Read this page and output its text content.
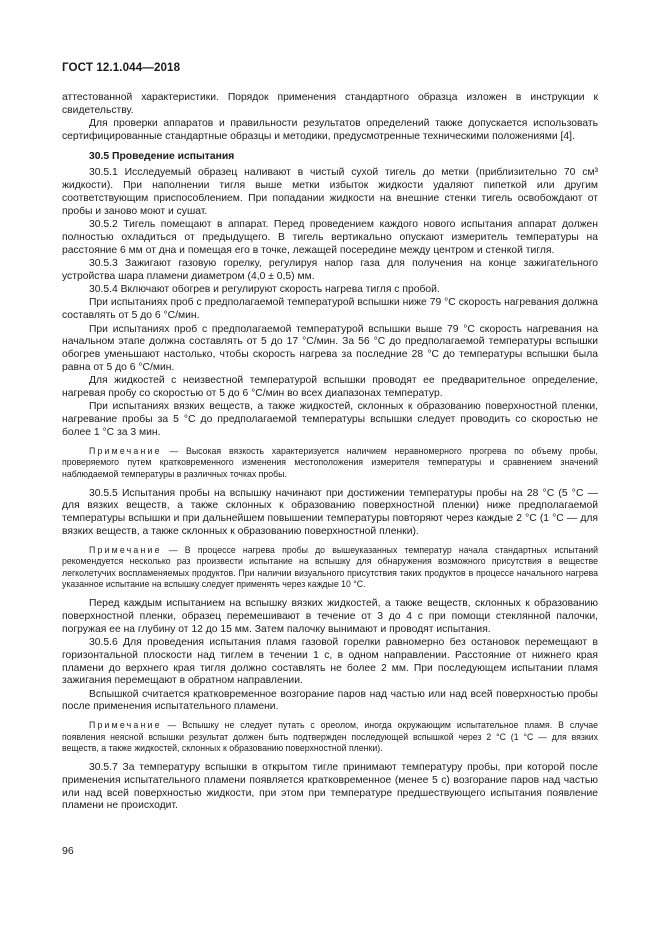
ГОСТ 12.1.044—2018

аттестованной характеристики. Порядок применения стандартного образца изложен в инструкции к свидетельству.

Для проверки аппаратов и правильности результатов определений также допускается использовать сертифицированные стандартные образцы и методики, предусмотренные техническими положениями [4].

30.5 Проведение испытания

30.5.1 Исследуемый образец наливают в чистый сухой тигель до метки (приблизительно 70 см³ жидкости). При наполнении тигля выше метки избыток жидкости удаляют пипеткой или другим соответствующим приспособлением. При попадании жидкости на внешние стенки тигель освобождают от пробы и заново моют и сушат.

30.5.2 Тигель помещают в аппарат. Перед проведением каждого нового испытания аппарат должен полностью охладиться от предыдущего. В тигель вертикально опускают измеритель температуры на расстояние 6 мм от дна и помещая его в точке, лежащей посередине между центром и стенкой тигля.

30.5.3 Зажигают газовую горелку, регулируя напор газа для получения на конце зажигательного устройства шара пламени диаметром (4,0 ± 0,5) мм.

30.5.4 Включают обогрев и регулируют скорость нагрева тигля с пробой.

При испытаниях проб с предполагаемой температурой вспышки ниже 79 °С скорость нагревания должна составлять от 5 до 6 °С/мин.

При испытаниях проб с предполагаемой температурой вспышки выше 79 °С скорость нагревания на начальном этапе должна составлять от 5 до 17 °С/мин. За 56 °С до предполагаемой температуры вспышки обогрев уменьшают настолько, чтобы скорость нагрева за последние 28 °С до температуры вспышки была равна от 5 до 6 °С/мин.

Для жидкостей с неизвестной температурой вспышки проводят ее предварительное определение, нагревая пробу со скоростью от 5 до 6 °С/мин во всех диапазонах температур.

При испытаниях вязких веществ, а также жидкостей, склонных к образованию поверхностной пленки, нагревание пробы за 5 °С до предполагаемой температуры вспышки следует проводить со скоростью не более 1 °С за 3 мин.

Примечание — Высокая вязкость характеризуется наличием неравномерного прогрева по объему пробы, проверяемого путем кратковременного изменения местоположения измерителя температуры и сравнением значений наблюдаемой температуры в различных точках пробы.

30.5.5 Испытания пробы на вспышку начинают при достижении температуры пробы на 28 °С (5 °С — для вязких веществ, а также склонных к образованию поверхностной пленки) ниже предполагаемой температуры вспышки и при дальнейшем повышении температуры повторяют через каждые 2 °С (1 °С — для вязких веществ, а также склонных к образованию поверхностной пленки).

Примечание — В процессе нагрева пробы до вышеуказанных температур начала стандартных испытаний рекомендуется несколько раз произвести испытание на вспышку для обнаружения возможного присутствия в веществе легколетучих воспламеняемых продуктов. При наличии визуального присутствия таких продуктов в процессе начального нагрева указанное испытание на вспышку следует применять через каждые 10 °С.

Перед каждым испытанием на вспышку вязких жидкостей, а также веществ, склонных к образованию поверхностной пленки, образец перемешивают в течение от 3 до 4 с при помощи стеклянной палочки, погружая ее на глубину от 12 до 15 мм. Затем палочку вынимают и проводят испытания.

30.5.6 Для проведения испытания пламя газовой горелки равномерно без остановок перемещают в горизонтальной плоскости над тиглем в течении 1 с, в одном направлении. Расстояние от нижнего края пламени до верхнего края тигля должно составлять не более 2 мм. При последующем испытании пламя зажигания перемещают в обратном направлении.

Вспышкой считается кратковременное возгорание паров над частью или над всей поверхностью пробы после применения испытательного пламени.

Примечание — Вспышку не следует путать с ореолом, иногда окружающим испытательное пламя. В случае появления неясной вспышки результат должен быть подтвержден последующей вспышкой через 2 °С (1 °С — для вязких веществ, а также жидкостей, склонных к образованию поверхностной пленки).

30.5.7 За температуру вспышки в открытом тигле принимают температуру пробы, при которой после применения испытательного пламени появляется кратковременное (менее 5 с) возгорание паров над частью или над всей поверхностью жидкости, при этом при температуре предшествующего испытания появление пламени не происходит.

96
